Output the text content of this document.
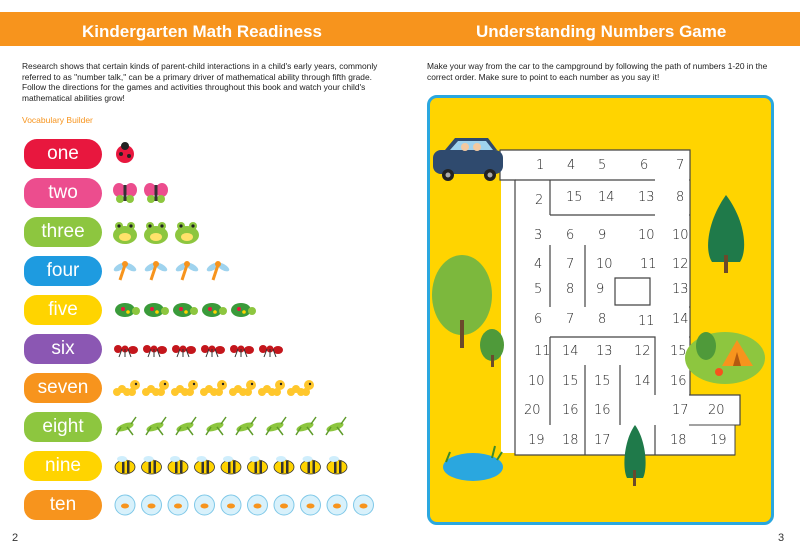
Kindergarten Math Readiness
Research shows that certain kinds of parent-child interactions in a child's early years, commonly referred to as "number talk," can be a primary driver of mathematical ability through fifth grade. Follow the directions for the games and activities throughout this book and watch your child's mathematical abilities grow!
Vocabulary Builder
one
two
three
four
five
six
seven
eight
nine
ten
2
Understanding Numbers Game
Make your way from the car to the campground by following the path of numbers 1-20 in the correct order. Make sure to point to each number as you say it!
1 4 5	6 7
2 15 14 13 8
3 6 9 10 10
4 7 10 11 12
5 8 9	13
6 7 8 11 14
11 14 13 12 15
10 15 15 14 16
20 16 16	17 20
19 18 17	18 19
3
